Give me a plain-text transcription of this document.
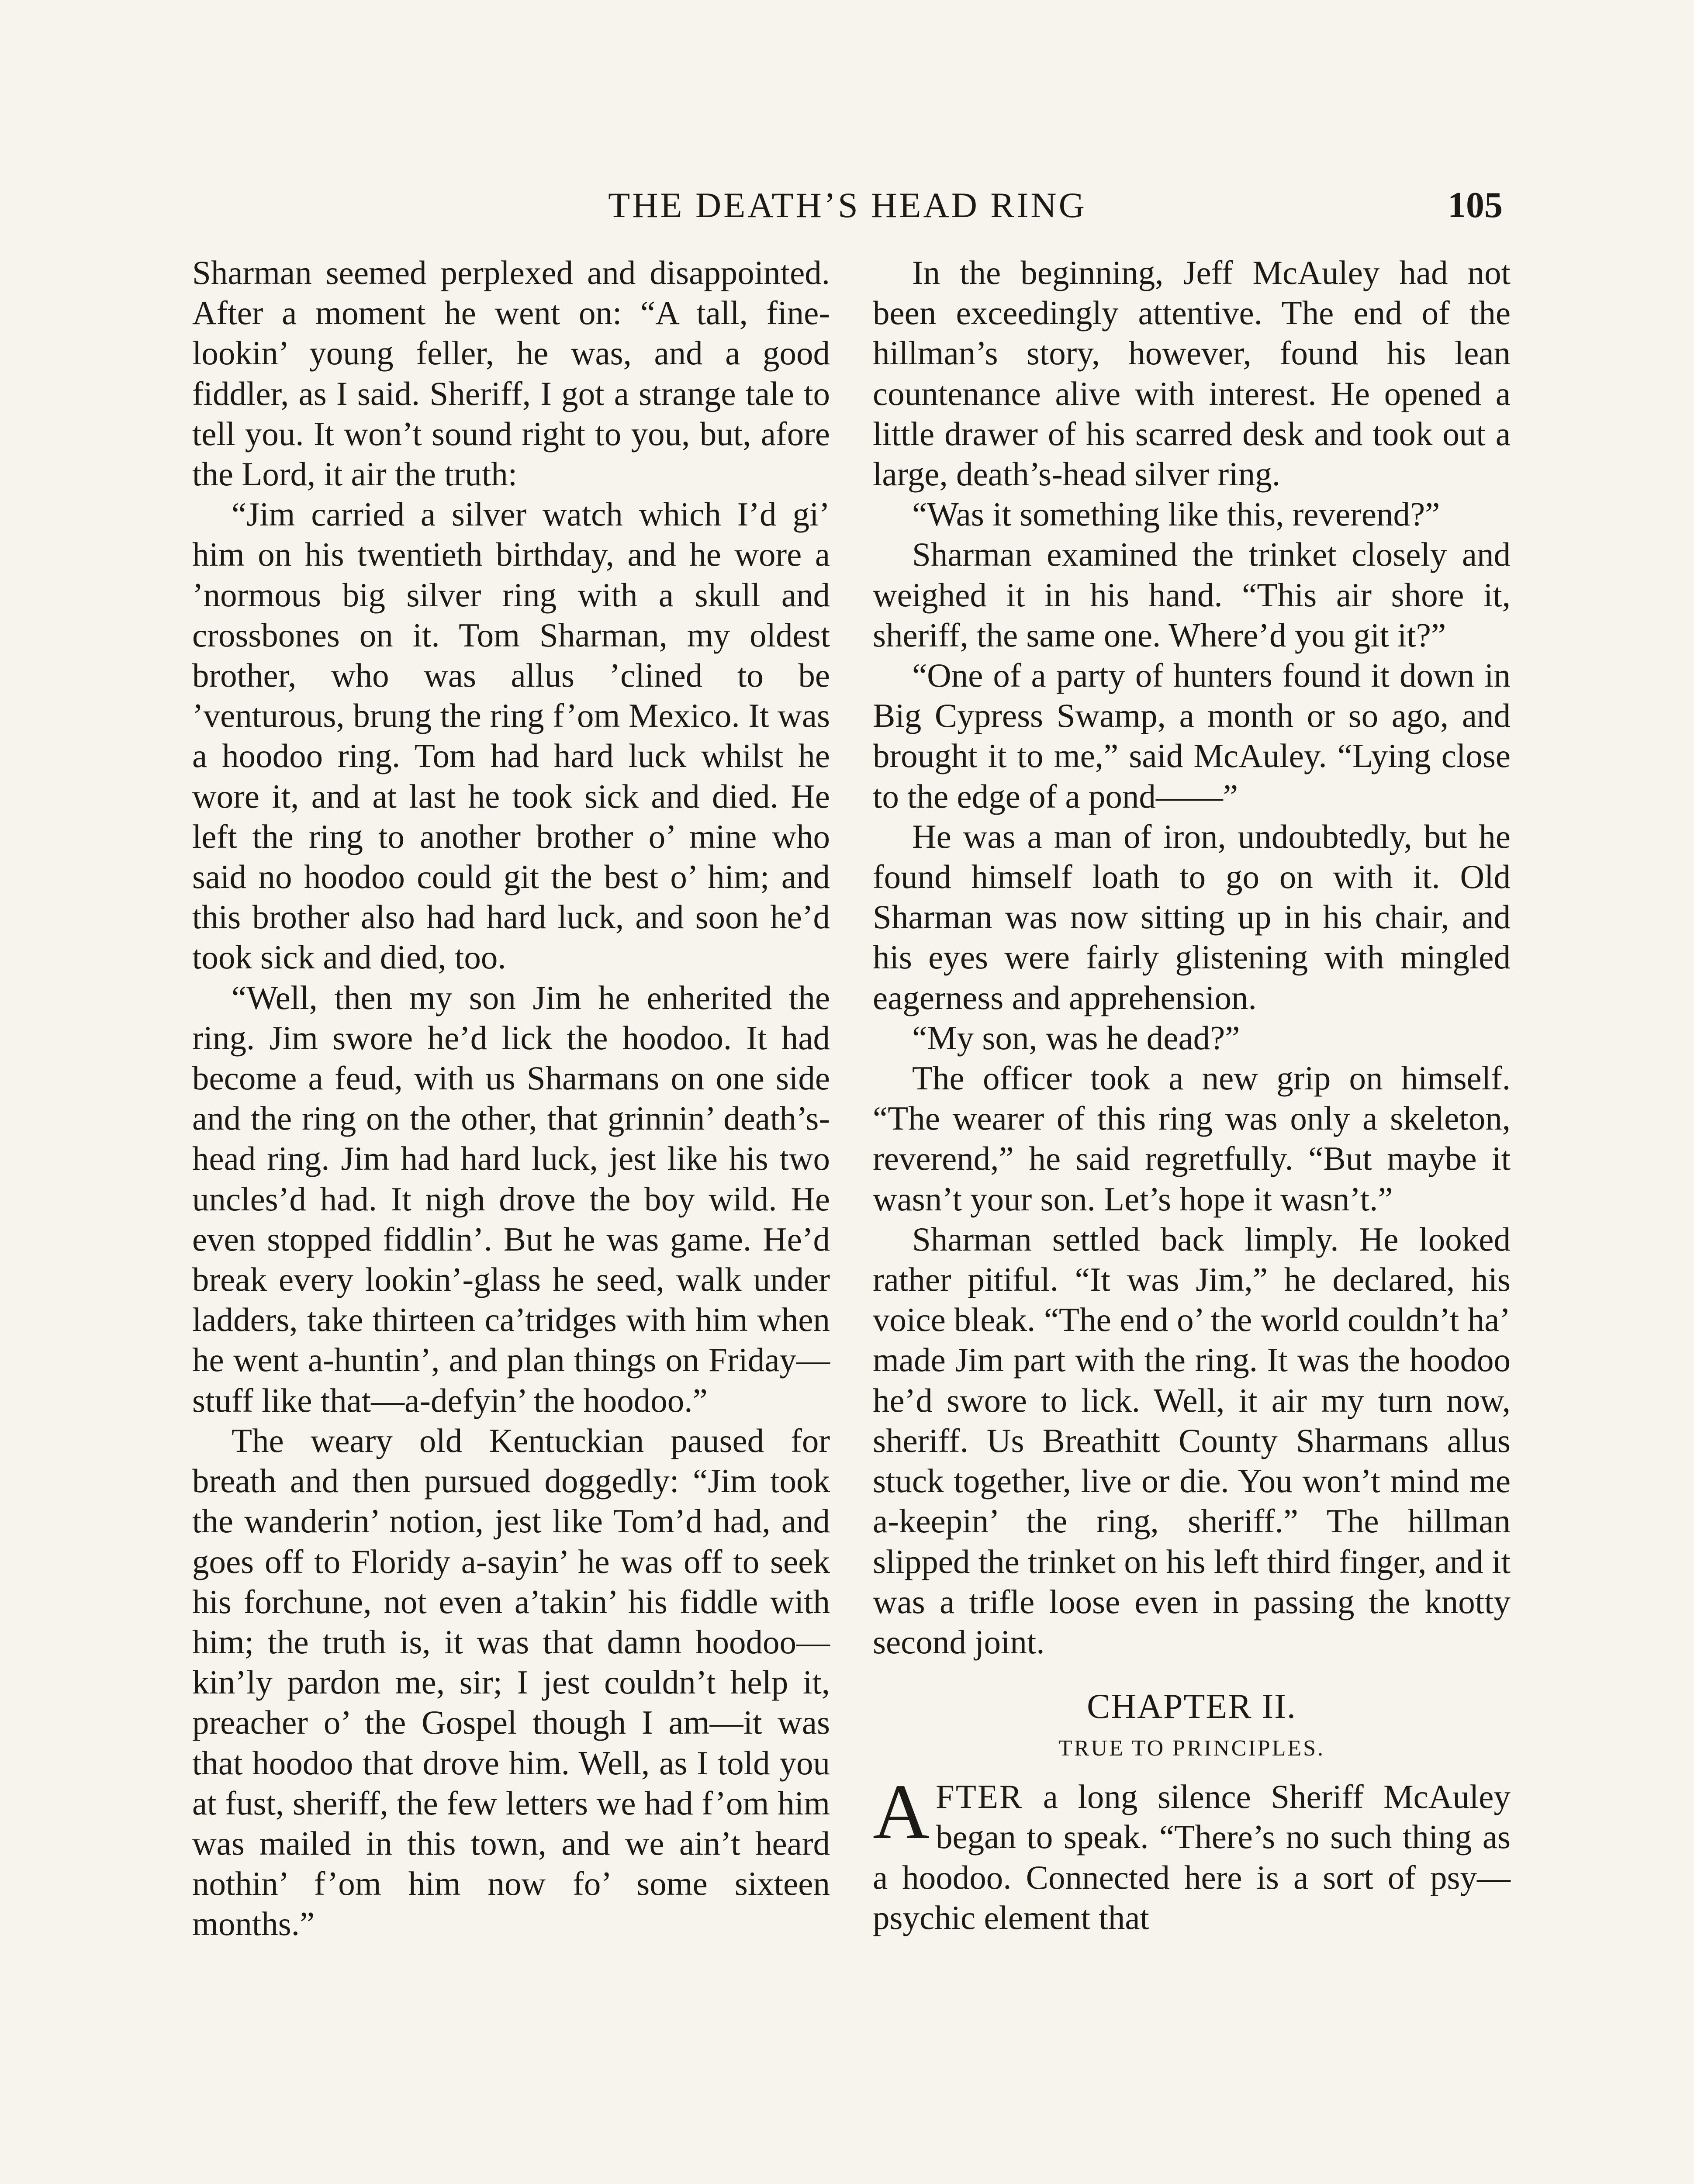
THE DEATH’S HEAD RING	105

Sharman seemed perplexed and disappointed. After a moment he went on: “A tall, fine-lookin’ young feller, he was, and a good fiddler, as I said. Sheriff, I got a strange tale to tell you. It won’t sound right to you, but, afore the Lord, it air the truth:

“Jim carried a silver watch which I’d gi’ him on his twentieth birthday, and he wore a ’normous big silver ring with a skull and crossbones on it. Tom Sharman, my oldest brother, who was allus ’clined to be ’venturous, brung the ring f’om Mexico. It was a hoodoo ring. Tom had hard luck whilst he wore it, and at last he took sick and died. He left the ring to another brother o’ mine who said no hoodoo could git the best o’ him; and this brother also had hard luck, and soon he’d took sick and died, too.

“Well, then my son Jim he enherited the ring. Jim swore he’d lick the hoodoo. It had become a feud, with us Sharmans on one side and the ring on the other, that grinnin’ death’s-head ring. Jim had hard luck, jest like his two uncles’d had. It nigh drove the boy wild. He even stopped fiddlin’. But he was game. He’d break every lookin’-glass he seed, walk under ladders, take thirteen ca’tridges with him when he went a-huntin’, and plan things on Friday—stuff like that—a-defyin’ the hoodoo.”

The weary old Kentuckian paused for breath and then pursued doggedly: “Jim took the wanderin’ notion, jest like Tom’d had, and goes off to Floridy a-sayin’ he was off to seek his forchune, not even a’takin’ his fiddle with him; the truth is, it was that damn hoodoo—kin’ly pardon me, sir; I jest couldn’t help it, preacher o’ the Gospel though I am—it was that hoodoo that drove him. Well, as I told you at fust, sheriff, the few letters we had f’om him was mailed in this town, and we ain’t heard nothin’ f’om him now fo’ some sixteen months.”

In the beginning, Jeff McAuley had not been exceedingly attentive. The end of the hillman’s story, however, found his lean countenance alive with interest. He opened a little drawer of his scarred desk and took out a large, death’s-head silver ring.

“Was it something like this, reverend?”

Sharman examined the trinket closely and weighed it in his hand. “This air shore it, sheriff, the same one. Where’d you git it?”

“One of a party of hunters found it down in Big Cypress Swamp, a month or so ago, and brought it to me,” said McAuley. “Lying close to the edge of a pond——”

He was a man of iron, undoubtedly, but he found himself loath to go on with it. Old Sharman was now sitting up in his chair, and his eyes were fairly glistening with mingled eagerness and apprehension.

“My son, was he dead?”

The officer took a new grip on himself. “The wearer of this ring was only a skeleton, reverend,” he said regretfully. “But maybe it wasn’t your son. Let’s hope it wasn’t.”

Sharman settled back limply. He looked rather pitiful. “It was Jim,” he declared, his voice bleak. “The end o’ the world couldn’t ha’ made Jim part with the ring. It was the hoodoo he’d swore to lick. Well, it air my turn now, sheriff. Us Breathitt County Sharmans allus stuck together, live or die. You won’t mind me a-keepin’ the ring, sheriff.” The hillman slipped the trinket on his left third finger, and it was a trifle loose even in passing the knotty second joint.

CHAPTER II.
TRUE TO PRINCIPLES.

AFTER a long silence Sheriff McAuley began to speak. “There’s no such thing as a hoodoo. Connected here is a sort of psy—psychic element that
